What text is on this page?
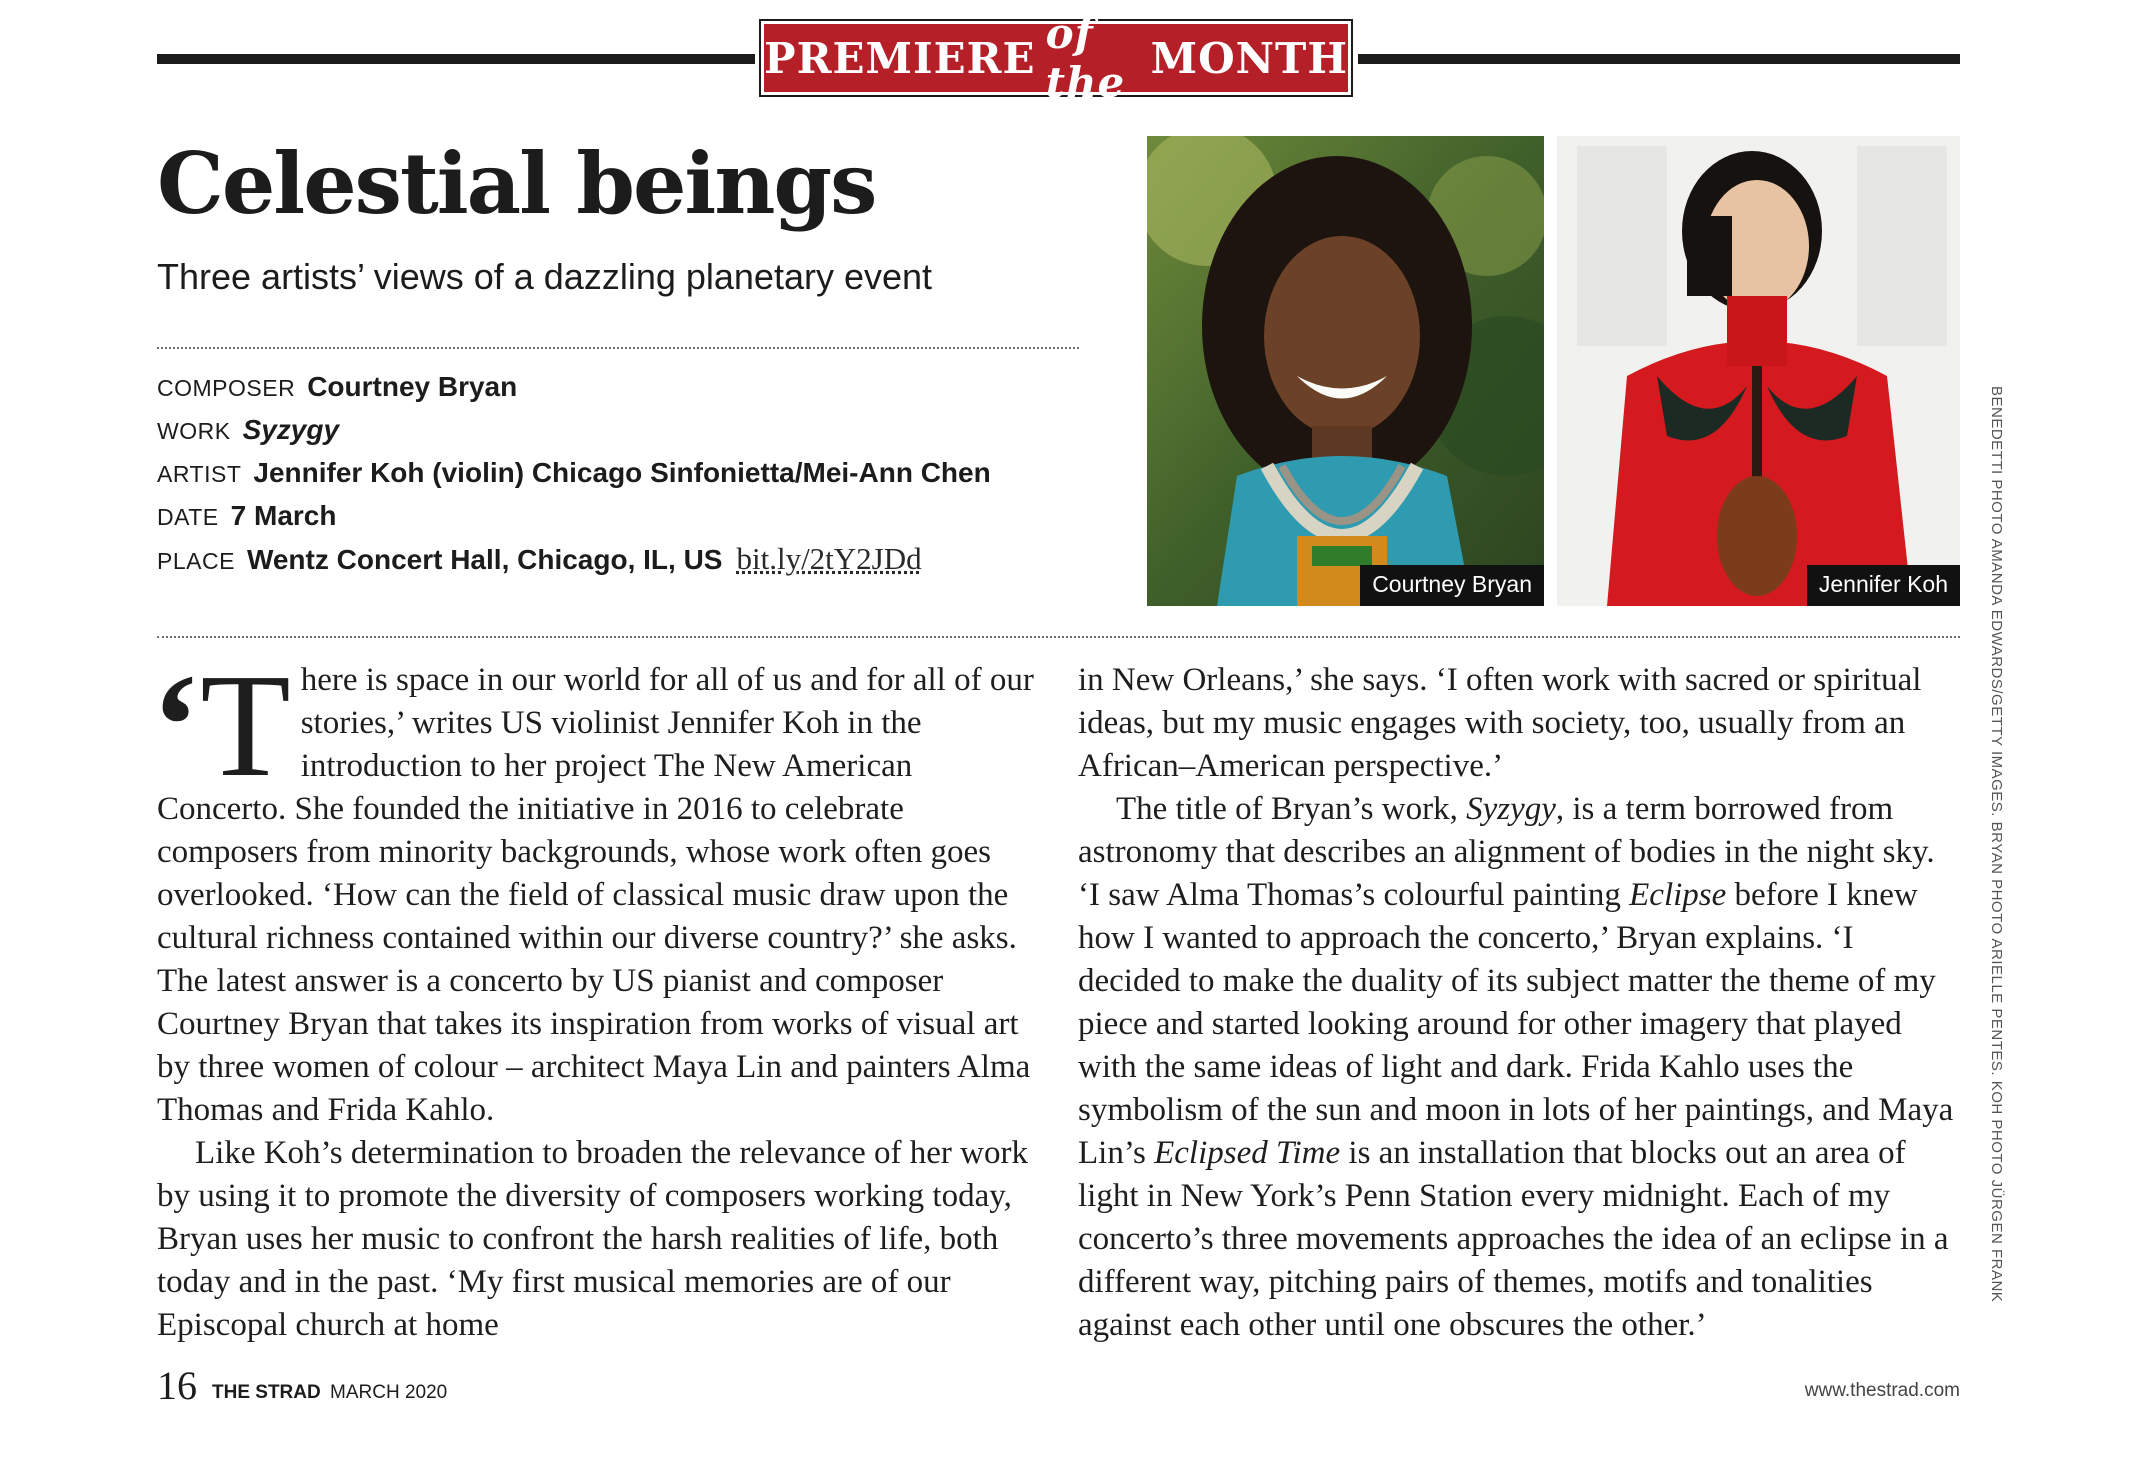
PREMIERE of the MONTH
Celestial beings

Three artists’ views of a dazzling planetary event

COMPOSER Courtney Bryan
WORK Syzygy
ARTIST Jennifer Koh (violin) Chicago Sinfonietta/Mei-Ann Chen
DATE 7 March
PLACE Wentz Concert Hall, Chicago, IL, US bit.ly/2tY2JDd
Courtney Bryan	Jennifer Koh	BENEDETTI PHOTO AMANDA EDWARDS/GETTY IMAGES. BRYAN PHOTO ARIELLE PENTES. KOH PHOTO JÜRGEN FRANK

‘T here is space in our world for all of us and for all of our stories,’ writes US violinist Jennifer Koh in the introduction to her project The New American Concerto. She founded the initiative in 2016 to celebrate composers from minority backgrounds, whose work often goes overlooked. ‘How can the field of classical music draw upon the cultural richness contained within our diverse country?’ she asks. The latest answer is a concerto by US pianist and composer Courtney Bryan that takes its inspiration from works of visual art by three women of colour – architect Maya Lin and painters Alma Thomas and Frida Kahlo.

Like Koh’s determination to broaden the relevance of her work by using it to promote the diversity of composers working today, Bryan uses her music to confront the harsh realities of life, both today and in the past. ‘My first musical memories are of our Episcopal church at home

in New Orleans,’ she says. ‘I often work with sacred or spiritual ideas, but my music engages with society, too, usually from an African–American perspective.’

The title of Bryan’s work, Syzygy, is a term borrowed from astronomy that describes an alignment of bodies in the night sky. ‘I saw Alma Thomas’s colourful painting Eclipse before I knew how I wanted to approach the concerto,’ Bryan explains. ‘I decided to make the duality of its subject matter the theme of my piece and started looking around for other imagery that played with the same ideas of light and dark. Frida Kahlo uses the symbolism of the sun and moon in lots of her paintings, and Maya Lin’s Eclipsed Time is an installation that blocks out an area of light in New York’s Penn Station every midnight. Each of my concerto’s three movements approaches the idea of an eclipse in a different way, pitching pairs of themes, motifs and tonalities against each other until one obscures the other.’

16 THE STRAD MARCH 2020	www.thestrad.com
